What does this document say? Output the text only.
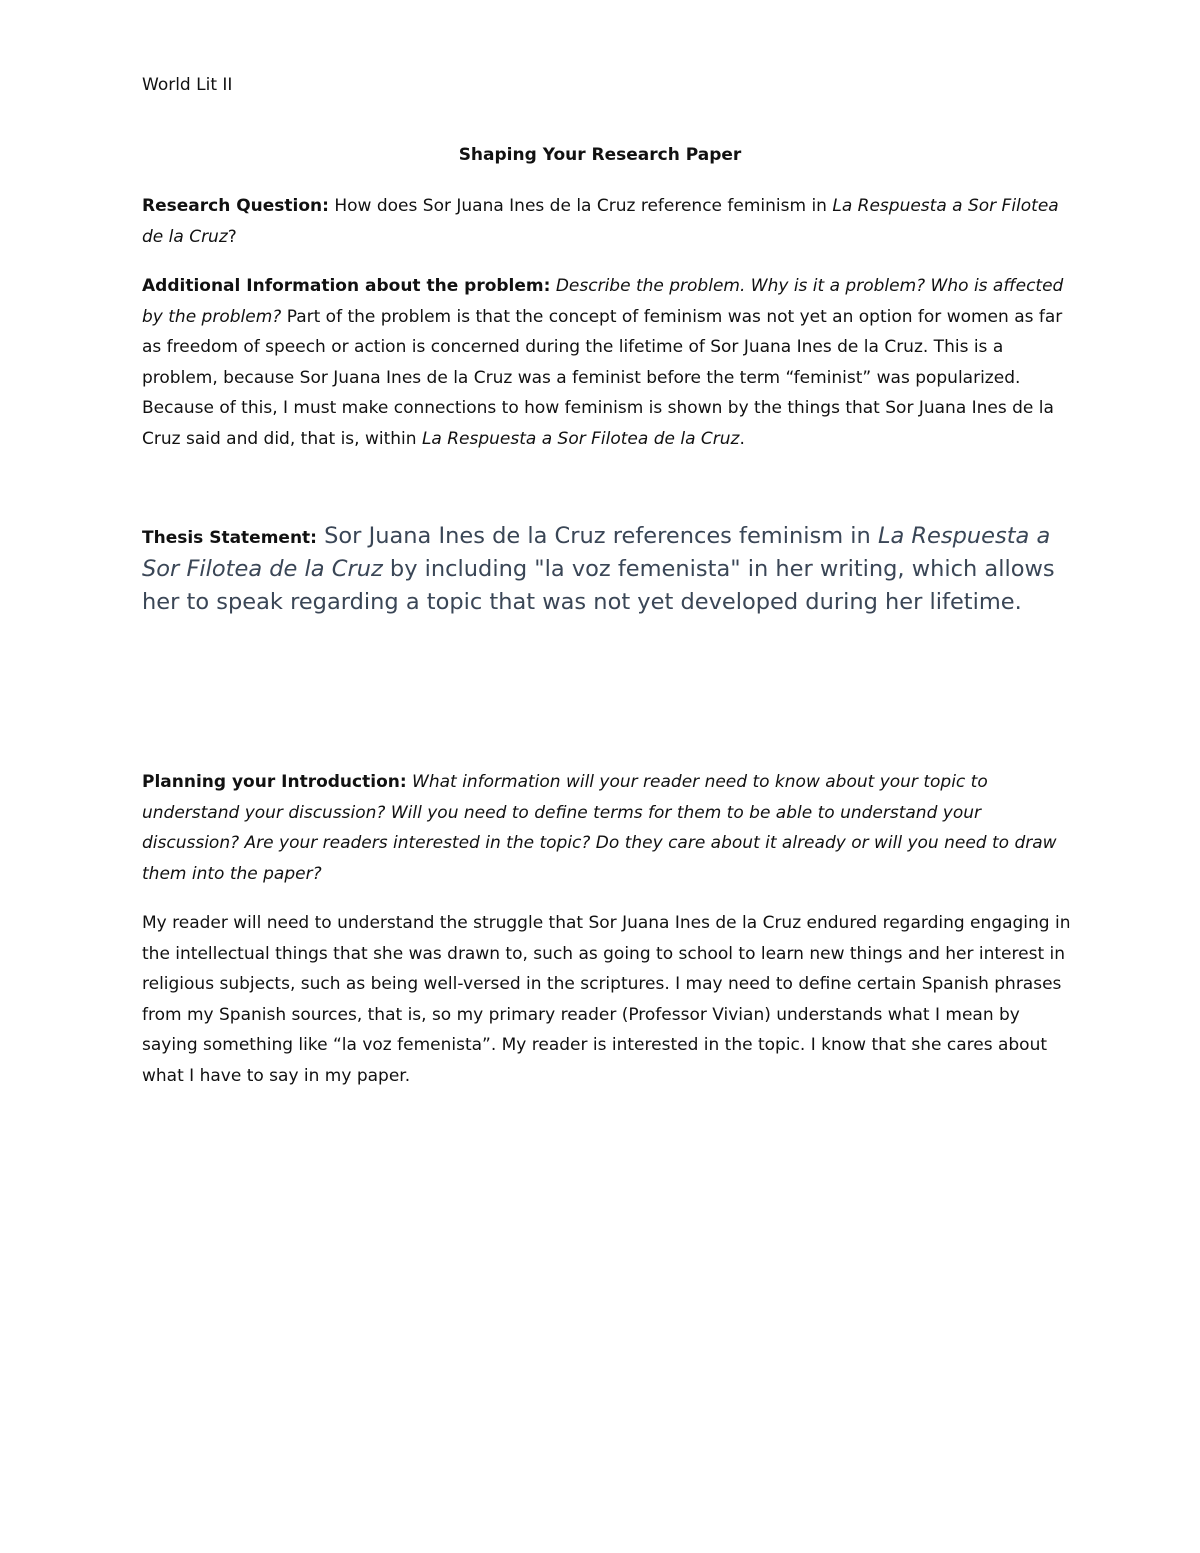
World Lit II
Shaping Your Research Paper
Research Question: How does Sor Juana Ines de la Cruz reference feminism in La Respuesta a Sor Filotea de la Cruz?
Additional Information about the problem: Describe the problem. Why is it a problem? Who is affected by the problem? Part of the problem is that the concept of feminism was not yet an option for women as far as freedom of speech or action is concerned during the lifetime of Sor Juana Ines de la Cruz. This is a problem, because Sor Juana Ines de la Cruz was a feminist before the term “feminist” was popularized. Because of this, I must make connections to how feminism is shown by the things that Sor Juana Ines de la Cruz said and did, that is, within La Respuesta a Sor Filotea de la Cruz.
Thesis Statement: Sor Juana Ines de la Cruz references feminism in La Respuesta a Sor Filotea de la Cruz by including "la voz femenista" in her writing, which allows her to speak regarding a topic that was not yet developed during her lifetime.
Planning your Introduction: What information will your reader need to know about your topic to understand your discussion? Will you need to define terms for them to be able to understand your discussion? Are your readers interested in the topic? Do they care about it already or will you need to draw them into the paper?
My reader will need to understand the struggle that Sor Juana Ines de la Cruz endured regarding engaging in the intellectual things that she was drawn to, such as going to school to learn new things and her interest in religious subjects, such as being well-versed in the scriptures. I may need to define certain Spanish phrases from my Spanish sources, that is, so my primary reader (Professor Vivian) understands what I mean by saying something like “la voz femenista”. My reader is interested in the topic. I know that she cares about what I have to say in my paper.
